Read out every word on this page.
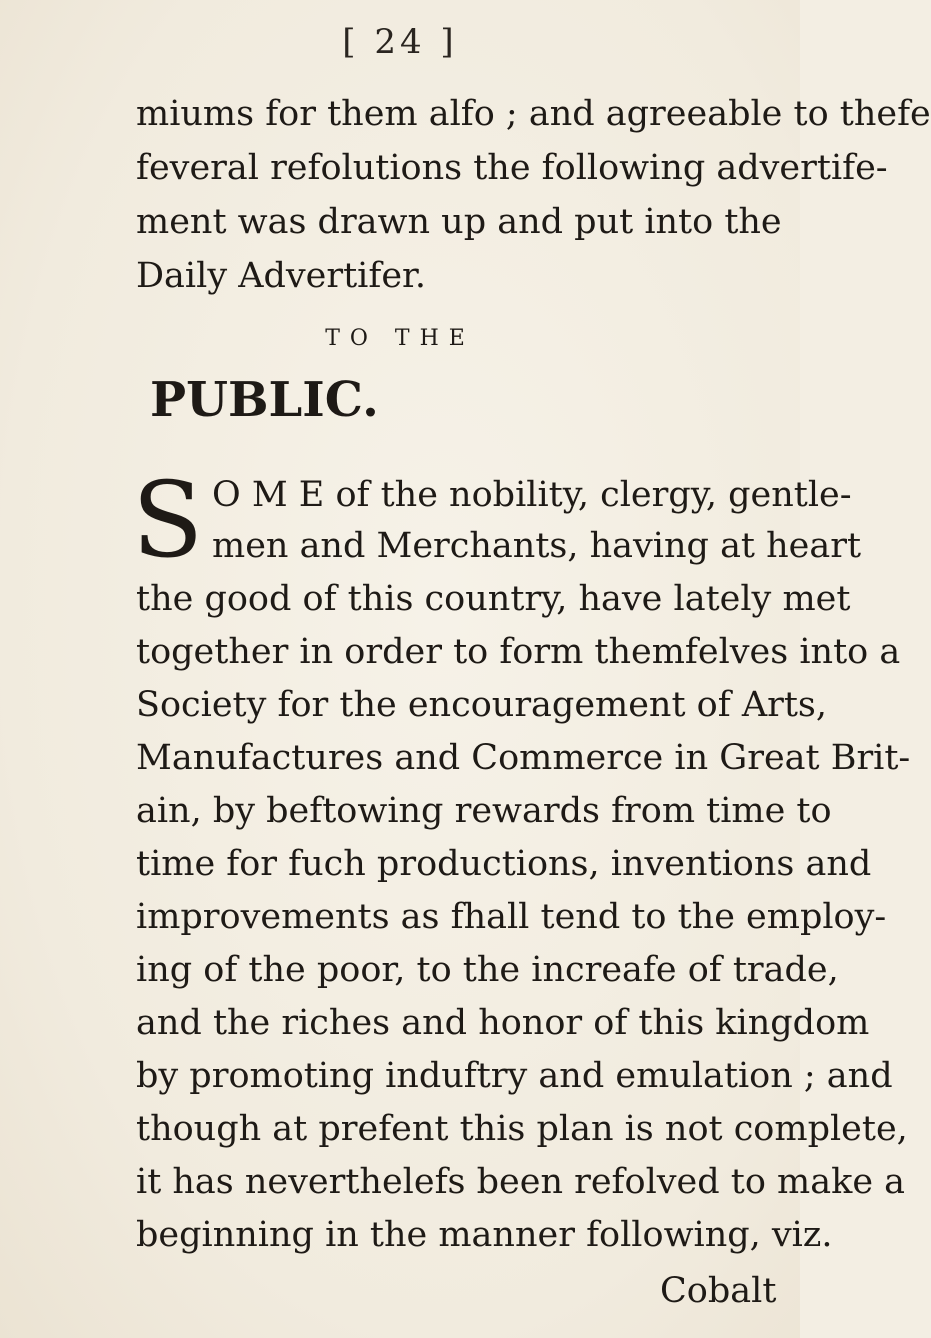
[ 24 ]
miums for them alfo ; and agreeable to thefe
feveral refolutions the following advertife-
ment was drawn up and put into the
Daily Advertifer.
TO THE
PUBLIC.
S O M E of the nobility, clergy, gentle-
men and Merchants, having at heart
the good of this country, have lately met
together in order to form themfelves into a
Society for the encouragement of Arts,
Manufactures and Commerce in Great Brit-
ain, by beftowing rewards from time to
time for fuch productions, inventions and
improvements as fhall tend to the employ-
ing of the poor, to the increafe of trade,
and the riches and honor of this kingdom
by promoting induftry and emulation ; and
though at prefent this plan is not complete,
it has neverthelefs been refolved to make a
beginning in the manner following, viz.
Cobalt
